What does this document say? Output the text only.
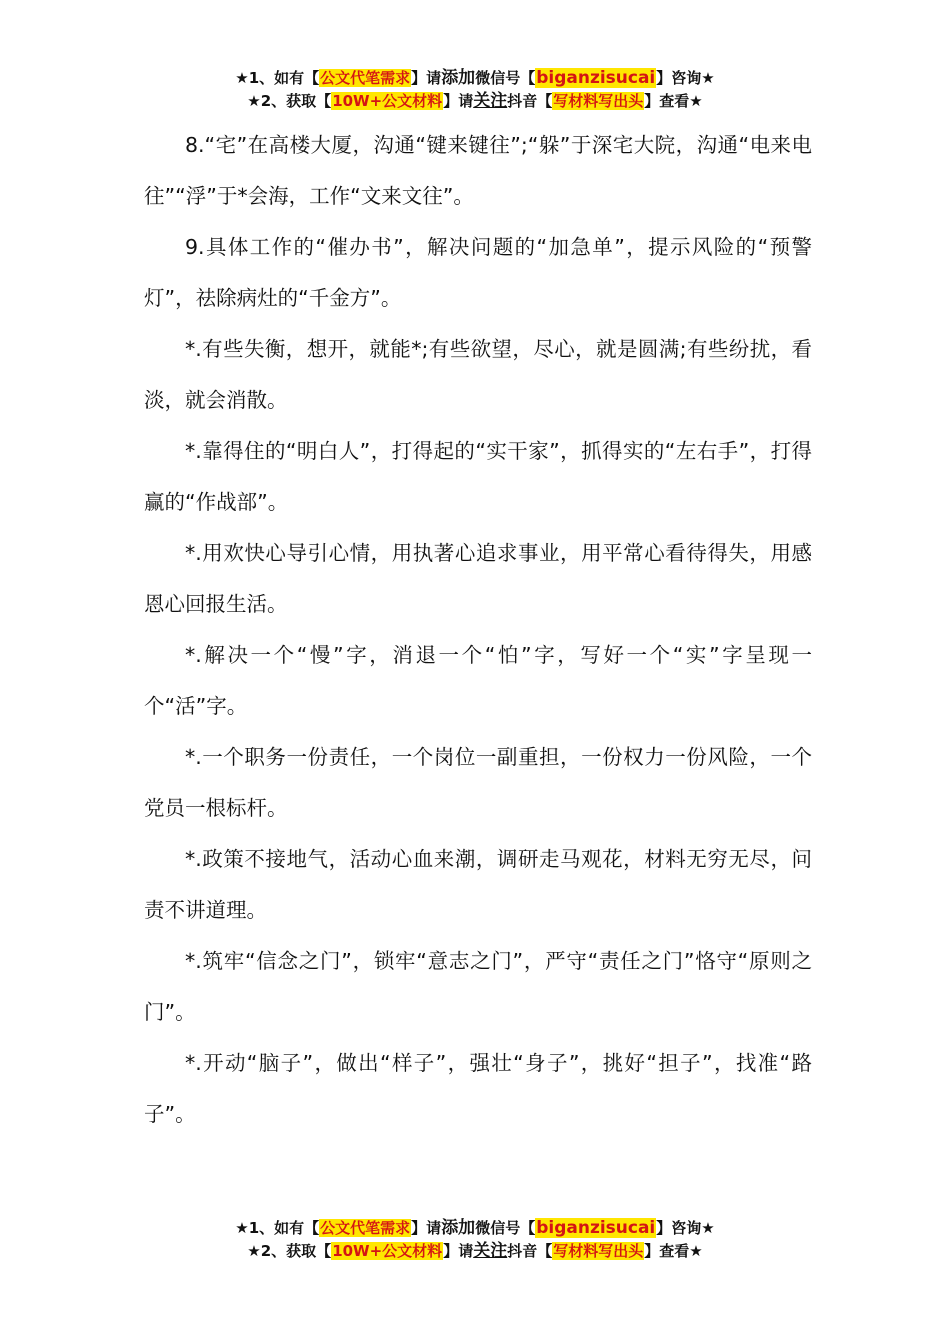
★1、如有【公文代笔需求】请添加微信号【biganzisucai】咨询★
★2、获取【10W+公文材料】请关注抖音【写材料写出头】查看★

8.“宅”在高楼大厦，沟通“键来键往”;“躲”于深宅大院，沟通“电来电往”“浮”于*会海，工作“文来文往”。

9.具体工作的“催办书”，解决问题的“加急单”，提示风险的“预警灯”，祛除病灶的“千金方”。

*.有些失衡，想开，就能*;有些欲望，尽心，就是圆满;有些纷扰，看淡，就会消散。

*.靠得住的“明白人”，打得起的“实干家”，抓得实的“左右手”，打得赢的“作战部”。

*.用欢快心导引心情，用执著心追求事业，用平常心看待得失，用感恩心回报生活。

*.解决一个“慢”字，消退一个“怕”字，写好一个“实”字呈现一个“活”字。

*.一个职务一份责任，一个岗位一副重担，一份权力一份风险，一个党员一根标杆。

*.政策不接地气，活动心血来潮，调研走马观花，材料无穷无尽，问责不讲道理。

*.筑牢“信念之门”，锁牢“意志之门”，严守“责任之门”恪守“原则之门”。

*.开动“脑子”，做出“样子”，强壮“身子”，挑好“担子”，找准“路子”。

★1、如有【公文代笔需求】请添加微信号【biganzisucai】咨询★
★2、获取【10W+公文材料】请关注抖音【写材料写出头】查看★
